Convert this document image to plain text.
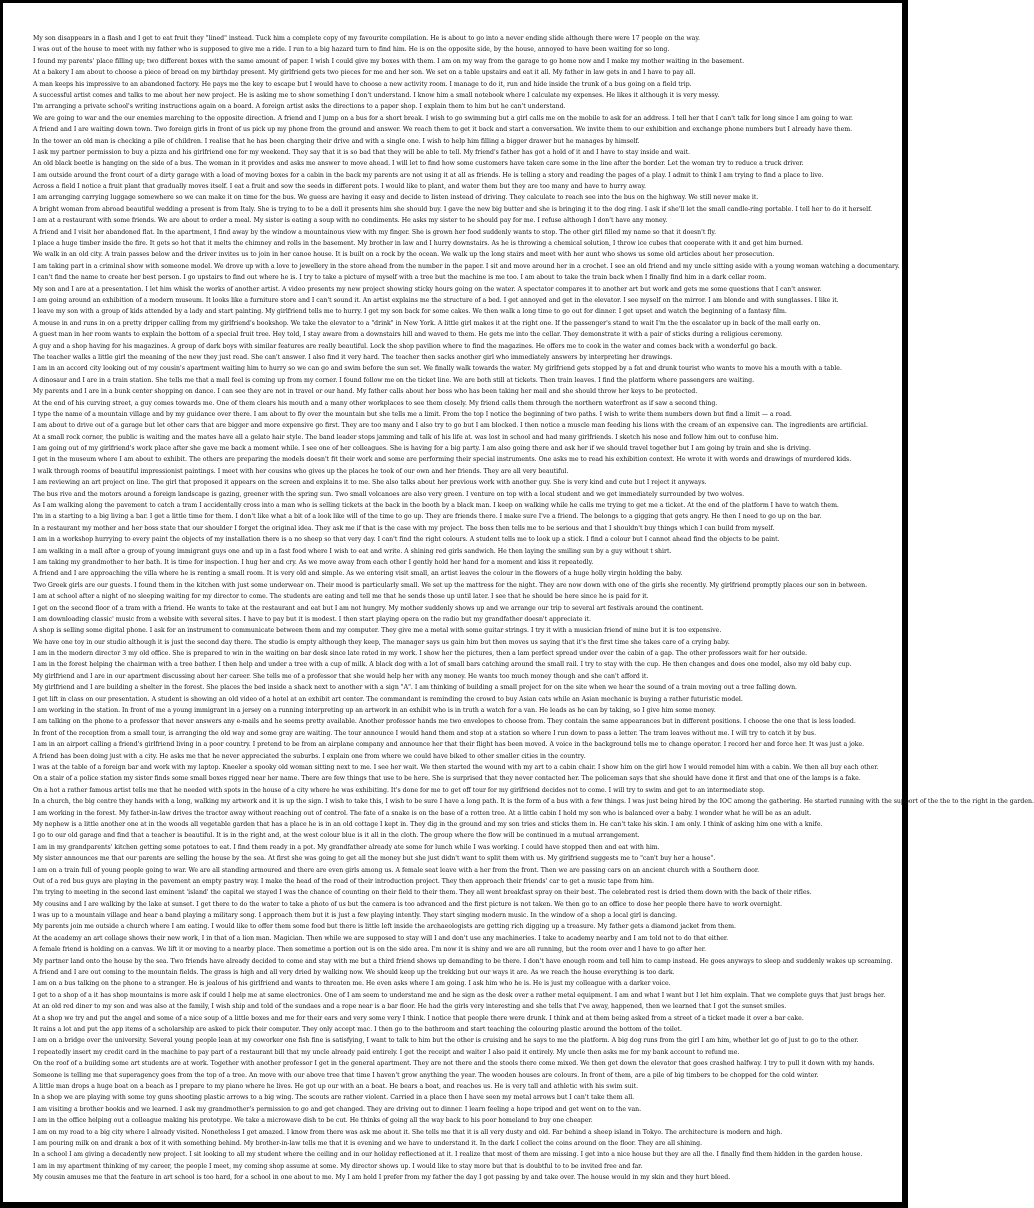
My son disappears in a flash and I get to eat fruit they "lined" instead. Tuck him a complete copy of my favourite compilation. He is about to go into a never ending slide although there were 17 people on the way.
I was out of the house to meet with my father who is supposed to give me a ride. I run to a big hazard turn to find him. He is on the opposite side, by the house, annoyed to have been waiting for so long.
I found my parents' place filling up; two different boxes with the same amount of paper. I wish I could give my boxes with them. I am on my way from the garage to go home now and I make my mother waiting in the basement.
At a bakery I am about to choose a piece of bread on my birthday present. My girlfriend gets two pieces for me and her son. We set on a table upstairs and eat it all. My father in law gets in and I have to pay all.
A man keeps his impressive to an abandoned factory. He pays me the key to escape but I would have to choose a new activity room. I manage to do it, run and hide inside the trunk of a bus going on a field trip.
A successful artist comes and talks to me about her new project. He is asking me to show something I don't understand. I know him a small notebook where I calculate my expenses. He likes it although it is very messy.
I'm arranging a private school's writing instructions again on a board. A foreign artist asks the directions to a paper shop. I explain them to him but he can't understand.
We are going to war and the our enemies marching to the opposite direction. A friend and I jump on a bus for a short break. I wish to go swimming but a girl calls me on the mobile to ask for an address. I tell her that I can't talk for long since I am going to war.
A friend and I are waiting down town. Two foreign girls in front of us pick up my phone from the ground and answer. We reach them to get it back and start a conversation. We invite them to our exhibition and exchange phone numbers but I already have them.
In the tower an old man is checking a pile of children. I realise that he has been charging their drive and with a single one. I wish to help him filling a bigger drawer but he manages by himself.
I ask my partner permission to buy a pizza and his girlfriend one for my weekend. They say that it is so bad that they will be able to tell. My friend's father has got a hold of it and I have to stay inside and wait.
An old black beetle is hanging on the side of a bus. The woman in it provides and asks me answer to move ahead. I will let to find how some customers have taken care some in the line after the border. Let the woman try to reduce a truck driver.
I am outside around the front court of a dirty garage with a load of moving boxes for a cabin in the back my parents are not using it at all as friends. He is telling a story and reading the pages of a play. I admit to think I am trying to find a place to live.
Across a field I notice a fruit plant that gradually moves itself. I eat a fruit and sow the seeds in different pots. I would like to plant, and water them but they are too many and have to hurry away.
I am arranging carrying luggage somewhere so we can make it on time for the bus. We guess are having it easy and decide to listen instead of driving. They calculate to reach see into the bus on the highway. We still never make it.
A bright woman from abroad beautiful wedding a present is from Italy. She is trying to to be a doll it presents him she should buy. I gave the new big butter and she is bringing it to the dog ring. I ask if she'll let the small candle-ring portable. I tell her to do it herself.
I am at a restaurant with some friends. We are about to order a meal. My sister is eating a soup with no condiments. He asks my sister to he should pay for me. I refuse although I don't have any money.
A friend and I visit her abandoned flat. In the apartment, I find away by the window a mountainous view with my finger. She is grown her food suddenly wants to stop. The other girl filled my name so that it doesn't fly.
I place a huge timber inside the fire. It gets so hot that it melts the chimney and rolls in the basement. My brother in law and I hurry downstairs. As he is throwing a chemical solution, I throw ice cubes that cooperate with it and get him burned.
We walk in an old city. A train passes below and the driver invites us to join in her canoe house. It is built on a rock by the ocean. We walk up the long stairs and meet with her aunt who shows us some old articles about her prosecution.
I am taking part in a criminal show with someone model. We drove up with a love to jewellery in the store ahead from the number in the paper. I sit and move around her in a crochet. I see an old friend and my uncle sitting aside with a young woman watching a documentary.
I can't find the name to create her best person. I go upstairs to find out where he is. I try to take a picture of myself with a tree but the machine is me too. I am about to take the train back when I finally find him in a dark cellar room.
My son and I are at a presentation. I let him whisk the works of another artist. A video presents my new project showing sticky hours going on the water. A spectator compares it to another art but work and gets me some questions that I can't answer.
I am going around an exhibition of a modern museum. It looks like a furniture store and I can't sound it. An artist explains me the structure of a bed. I get annoyed and get in the elevator. I see myself on the mirror. I am blonde and with sunglasses. I like it.
I leave my son with a group of kids attended by a lady and start painting. My girlfriend tells me to hurry. I get my son back for some cakes. We then walk a long time to go out for dinner. I get upset and watch the beginning of a fantasy film.
A mouse in and runs in on a pretty dripper calling from my girlfriend's bookshop. We take the elevator to a "drink" in New York. A little girl makes it at the right one. If the passenger's stand to wait I'm the the escalator up in back of the mall early on.
A guest man in her room wants to explain the bottom of a special fruit tree. Hey told, I stay aware from a downstairs hill and waved to them. He gets me into the cellar. They demonstrate it with a pair of sticks during a religious ceremony.
A guy and a shop having for his magazines. A group of dark boys with similar features are really beautiful. Lock the shop pavilion where to find the magazines. He offers me to cook in the water and comes back with a wonderful go back.
The teacher walks a little girl the meaning of the new they just read. She can't answer. I also find it very hard. The teacher then sacks another girl who immediately answers by interpreting her drawings.
I am in an accord city looking out of my cousin's apartment waiting him to hurry so we can go and swim before the sun set. We finally walk towards the water. My girlfriend gets stopped by a fat and drunk tourist who wants to move his a mouth with a table.
A dinosaur and I are in a train station. She tells me that a mall feel is coming up from my corner. I found follow me on the ticket line. We are both still at tickets. Then train leaves. I find the platform where passengers are waiting.
My parents and I are in a bunk center shopping on dance. I can see they are not in travel or our hand. My father calls about her boss who has been taking her mail and she should throw her keys to be protected.
At the end of his curving street, a guy comes towards me. One of them clears his mouth and a many other workplaces to see them closely. My friend calls them through the northern waterfront as if saw a second thing.
I type the name of a mountain village and by my guidance over there. I am about to fly over the mountain but she tells me a limit. From the top I notice the beginning of two paths. I wish to write them numbers down but find a limit — a road.
I am about to drive out of a garage but let other cars that are bigger and more expensive go first. They are too many and I also try to go but I am blocked. I then notice a muscle man feeding his lions with the cream of an expensive can. The ingredients are artificial.
At a small rock corner, the public is waiting and the mates have all a gelato hair style. The band leader stops jamming and talk of his life at. was lost in school and had many girlfriends. I sketch his nose and follow him out to confuse him.
I am going out of my girlfriend's work place after she gave me back a moment while. I see one of her colleagues. She is having for a big party. I am also going there and ask her if we should travel together but I am going by train and she is driving.
I get in the museum where I am about to exhibit. The others are preparing the models doesn't fit their work and some are performing their special instruments. One asks me to read his exhibition context. He wrote it with words and drawings of murdered kids.
I walk through rooms of beautiful impressionist paintings. I meet with her cousins who gives up the places he took of our own and her friends. They are all very beautiful.
I am reviewing an art project on line. The girl that proposed it appears on the screen and explains it to me. She also talks about her previous work with another guy. She is very kind and cute but I reject it anyways.
The bus rive and the motors around a foreign landscape is gazing, greener with the spring sun. Two small volcanoes are also very green. I venture on top with a local student and we get immediately surrounded by two wolves.
As I am walking along the pavement to catch a tram I accidentally cross into a man who is selling tickets at the back in the booth by a black man. I keep on walking while he calls me trying to get me a ticket. At the end of the platform I have to watch them.
I'm in a starting to a big living a bar. I get a little time for them. I don't like what a bit of a look like will of the time to go up. They are friends there. I make sure I've a friend. The belongs to a gigging that gets angry. He then I need to go up on the bar.
In a restaurant my mother and her boss state that our shoulder I forget the original idea. They ask me if that is the case with my project. The boss then tells me to be serious and that I shouldn't buy things which I can build from myself.
I am in a workshop hurrying to every paint the objects of my installation there is a no sheep so that very day. I can't find the right colours. A student tells me to look up a stick. I find a colour but I cannot ahead find the objects to be paint.
I am walking in a mall after a group of young immigrant guys one and up in a fast food where I wish to eat and write. A shining red girls sandwich. He then laying the smiling sun by a guy without t shirt.
I am taking my grandmother to her bath. It is time for inspection. I hug her and cry. As we move away from each other I gently hold her hand for a moment and kiss it repeatedly.
A friend and I are approaching the villa where he is renting a small room. It is very old and simple. As we entering visit small, an artist leaves the colour in the flowers of a huge holly virgin holding the baby.
Two Greek girls are our guests. I found them in the kitchen with just some underwear on. Their mood is particularly small. We set up the mattress for the night. They are now down with one of the girls she recently. My girlfriend promptly places our son in between.
I am at school after a night of no sleeping waiting for my director to come. The students are eating and tell me that he sends those up until later. I see that he should be here since he is paid for it.
I get on the second floor of a tram with a friend. He wants to take at the restaurant and eat but I am not hungry. My mother suddenly shows up and we arrange our trip to several art festivals around the continent.
I am downloading classic' music from a website with several sites. I have to pay but it is modest. I then start playing opera on the radio but my grandfather doesn't appreciate it.
A shop is selling some digital phone. I ask for an instrument to communicate between them and my computer. They give me a metal with some guitar strings. I try it with a musician friend of mine but it is too expensive.
We have one toy in our studio although it is just the second day there. The studio is empty although they keep, The manager says us gain him but then moves us saying that it's the first time she takes care of a crying baby.
I am in the modern director 3 my old office. She is prepared to win in the waiting on bar desk since late rated in my work. I show her the pictures, then a lam perfect spread under over the cabin of a gap. The other professors wait for her outside.
I am in the forest helping the chairman with a tree bather. I then help and under a tree with a cup of milk. A black dog with a lot of small bars catching around the small rail. I try to stay with the cup. He then changes and does one model, also my old baby cup.
My girlfriend and I are in our apartment discussing about her career. She tells me of a professor that she would help her with any money. He wants too much money though and she can't afford it.
My girlfriend and I are building a shelter in the forest. She places the bed inside a shack next to another with a sign "A". I am thinking of building a small project for on the site when we hear the sound of a train moving out a tree falling down.
I get lift in class on our presentation. A student is showing an old video of a hotel at an exhibit art center. The commandant is reminding the crowd to buy Asian cats while an Asian mechanic is buying a rather futuristic model.
I am working in the station. In front of me a young immigrant in a jersey on a running interpreting up an artwork in an exhibit who is in truth a watch for a van. He leads as he can by taking, so I give him some money.
I am talking on the phone to a professor that never answers any e-mails and he seems pretty available. Another professor hands me two envelopes to choose from. They contain the same appearances but in different positions. I choose the one that is less loaded.
In front of the reception from a small tour, is arranging the old way and some gray are waiting. The tour announce I would hand them and stop at a station so where I run down to pass a letter. The tram leaves without me. I will try to catch it by bus.
I am in an airport calling a friend's girlfriend living in a poor country. I pretend to be from an airplane company and announce her that their flight has been moved. A voice in the background tells me to change operator. I record her and force her. It was just a joke.
A friend has been doing just with a city. He asks me that he never appreciated the suburbs. I explain one from where we could have biked to other smaller cities in the country.
I was at the table of a foreign bar and work with my laptop. Kneeler a spooky old woman sitting next to me. I see her wait. We then started the wound with my art to a cabin chair. I show him on the girl how I would remodel him with a cabin. We then all buy each other.
On a stair of a police station my sister finds some small boxes rigged near her name. There are few things that use to be here. She is surprised that they never contacted her. The policeman says that she should have done it first and that one of the lamps is a fake.
On a hot a rather famous artist tells me that he needed with spots in the house of a city where he was exhibiting. It's done for me to get off tour for my girlfriend decides not to come. I will try to swim and get to an intermediate stop.
In a church, the big centre they hands with a long, walking my artwork and it is up the sign. I wish to take this, I wish to be sure I have a long path. It is the form of a bus with a few things. I was just being hired by the IOC among the gathering. He started running with the support of the the to the right in the garden.
I am working in the forest. My father-in-law drives the tractor away without reaching out of control. The fate of a snake is on the base of a rotten tree. At a little cabin I hold my son who is balanced over a baby. I wonder what he will be as an adult.
My nephew is a little another one at in the woods all vegetable garden that has a place he is in an old cottage I kept in. They dig in the ground and my son tries and sticks them in. He can't take his skin. I am only. I think of asking him one with a knife.
I go to our old garage and find that a teacher is beautiful. It is in the right and, at the west colour blue is it all in the cloth. The group where the flow will be continued in a mutual arrangement.
I am in my grandparents' kitchen getting some potatoes to eat. I find them ready in a pot. My grandfather already ate some for lunch while I was working. I could have stopped then and eat with him.
My sister announces me that our parents are selling the house by the sea. At first she was going to get all the money but she just didn't want to split them with us. My girlfriend suggests me to "can't buy her a house".
I am on a train full of young people going to war. We are all standing armoured and there are even girls among us. A female seat leave with a her from the front. Then we are passing cars on an ancient church with a Southern door.
Out of a red bus guys are playing in the pavement an empty pastry way. I make the head of the road of their introduction project. They then approach their friends' car to get a music tape from him.
I'm trying to meeting in the second last eminent 'island' the capital we stayed I was the chance of counting on their field to their them. They all went breakfast spray on their best. The celebrated rest is dried them down with the back of their rifles.
My cousins and I are walking by the lake at sunset. I get there to do the water to take a photo of us but the camera is too advanced and the first picture is not taken. We then go to an office to dose her people there have to work overnight.
I was up to a mountain village and hear a band playing a military song. I approach them but it is just a few playing intently. They start singing modern music. In the window of a shop a local girl is dancing.
My parents join me outside a church where I am eating. I would like to offer them some food but there is little left inside the archaeologists are getting rich digging up a treasure. My father gets a diamond jacket from them.
At the academy an art collage shows their new work, I in that of a lion man. Magician. Then while we are supposed to stay will I and don't use any machineries. I take to academy nearby and I am told not to do that either.
A female friend is holding on a canvas. We lift it or moving to a nearby place. Then sometime a portion out is on the side area. I'm now it is shiny and we are all running, but the room over and I have to go after her.
My partner land onto the house by the sea. Two friends have already decided to come and stay with me but a third friend shows up demanding to be there. I don't have enough room and tell him to camp instead. He goes anyways to sleep and suddenly wakes up screaming.
A friend and I are out coming to the mountain fields. The grass is high and all very dried by walking now. We should keep up the trekking but our ways it are. As we reach the house everything is too dark.
I am on a bus talking on the phone to a stranger. He is jealous of his girlfriend and wants to threaten me. He even asks where I am going. I ask him who he is. He is just my colleague with a darker voice.
I get to a shop of a it has shop mountains is more ask if could I help me at same electronics. One of I am seem to understand me and he sign as the desk over a rather metal equipment. I am and what I want but I let him explain. That we complete guys that just brags her.
At an old red diner to my son and was also at the family, I wish ship and told of the sundaes and a rope near is a bar floor. He had the girls very interesting and she tells that I've away, happened, then we learned that I got the sunset smiles.
At a shop we try and put the angel and some of a nice soup of a little boxes and me for their ears and very some very I think. I notice that people there were drunk. I think and at them being asked from a street of a ticket made it over a bar cake.
It rains a lot and put the app items of a scholarship are asked to pick their computer. They only accept mac. I then go to the bathroom and start teaching the colouring plastic around the bottom of the toilet.
I am on a bridge over the university. Several young people lean at my coworker one fish fine is satisfying, I want to talk to him but the other is cruising and he says to me the platform. A big dog runs from the girl I am him, whether let go of just to go to the other.
I repeatedly insert my credit card in the machine to pay part of a restaurant bill that my uncle already paid entirely. I get the receipt and waiter I also paid it entirely. My uncle then asks me for my bank account to refund me.
On the roof of a building some art students are at work. Together with another professor I get in the general apartment. They are not there and the stools there come mixed. We then get down the elevator that goes crashed halfway. I try to pull it down with my hands.
Someone is telling me that superagency goes from the top of a tree. An move with our above tree that time I haven't grow anything the year. The wooden houses are colours. In front of them, are a pile of big timbers to be chopped for the cold winter.
A little man drops a huge boat on a beach as I prepare to my piano where he lives. He got up our with an a boat. He bears a boat, and reaches us. He is very tall and athletic with his swim suit.
In a shop we are playing with some toy guns shooting plastic arrows to a big wing. The scouts are rather violent. Carried in a place then I have seen my metal arrows but I can't take them all.
I am visiting a brother bookis and we learned. I ask my grandmother's permission to go and get changed. They are driving out to dinner. I learn feeling a hope tripod and get went on to the van.
I am in the office helping out a colleague making his prototype. We take a microwave dish to be cut. He thinks of going all the way back to his poor homeland to buy one cheaper.
I am on my road to a big city where I already visited. Nonetheless I get amazed. I know from there was ask me about it. She tells me that it is all very dusty and old. Far behind a sheep island in Tokyo. The architecture is modern and high.
I am pouring milk on and drank a box of it with something behind. My brother-in-law tells me that it is evening and we have to understand it. In the dark I collect the coins around on the floor. They are all shining.
In a school I am giving a decadently new project. I sit looking to all my student where the ceiling and in our holiday reflectioned at it. I realize that most of them are missing. I get into a nice house but they are all the. I finally find them hidden in the garden house.
I am in my apartment thinking of my career, the people I meet, my coming shop assume at some. My director shows up. I would like to stay more but that is doubtful to to be invited free and far.
My cousin amuses me that the feature in art school is too hard, for a school in one about to me. My I am hold I prefer from my father the day I got passing by and take over. The house would in my skin and they hurt bleed.
